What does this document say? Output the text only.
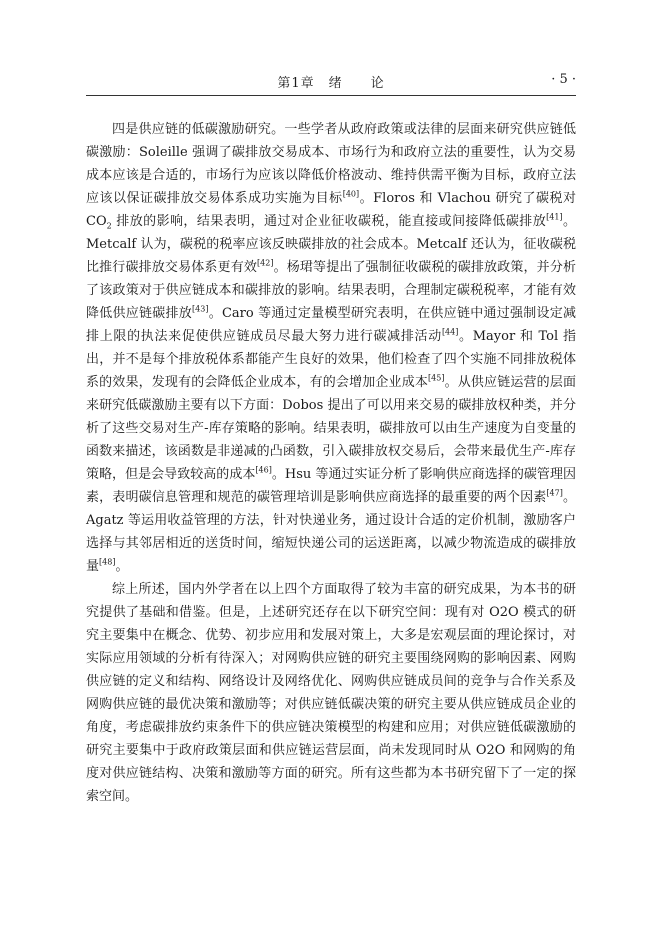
第1章　绪　　论	· 5 ·

四是供应链的低碳激励研究。一些学者从政府政策或法律的层面来研究供应链低碳激励：Soleille 强调了碳排放交易成本、市场行为和政府立法的重要性，认为交易成本应该是合适的，市场行为应该以降低价格波动、维持供需平衡为目标，政府立法应该以保证碳排放交易体系成功实施为目标[40]。Floros 和 Vlachou 研究了碳税对 $CO_2$ 排放的影响，结果表明，通过对企业征收碳税，能直接或间接降低碳排放[41]。Metcalf 认为，碳税的税率应该反映碳排放的社会成本。Metcalf 还认为，征收碳税比推行碳排放交易体系更有效[42]。杨珺等提出了强制征收碳税的碳排放政策，并分析了该政策对于供应链成本和碳排放的影响。结果表明，合理制定碳税税率，才能有效降低供应链碳排放[43]。Caro 等通过定量模型研究表明，在供应链中通过强制设定减排上限的执法来促使供应链成员尽最大努力进行碳减排活动[44]。Mayor 和 Tol 指出，并不是每个排放税体系都能产生良好的效果，他们检查了四个实施不同排放税体系的效果，发现有的会降低企业成本，有的会增加企业成本[45]。从供应链运营的层面来研究低碳激励主要有以下方面：Dobos 提出了可以用来交易的碳排放权种类，并分析了这些交易对生产-库存策略的影响。结果表明，碳排放可以由生产速度为自变量的函数来描述，该函数是非递减的凸函数，引入碳排放权交易后，会带来最优生产-库存策略，但是会导致较高的成本[46]。Hsu 等通过实证分析了影响供应商选择的碳管理因素，表明碳信息管理和规范的碳管理培训是影响供应商选择的最重要的两个因素[47]。Agatz 等运用收益管理的方法，针对快递业务，通过设计合适的定价机制，激励客户选择与其邻居相近的送货时间，缩短快递公司的运送距离，以减少物流造成的碳排放量[48]。

综上所述，国内外学者在以上四个方面取得了较为丰富的研究成果，为本书的研究提供了基础和借鉴。但是，上述研究还存在以下研究空间：现有对 O2O 模式的研究主要集中在概念、优势、初步应用和发展对策上，大多是宏观层面的理论探讨，对实际应用领域的分析有待深入；对网购供应链的研究主要围绕网购的影响因素、网购供应链的定义和结构、网络设计及网络优化、网购供应链成员间的竞争与合作关系及网购供应链的最优决策和激励等；对供应链低碳决策的研究主要从供应链成员企业的角度，考虑碳排放约束条件下的供应链决策模型的构建和应用；对供应链低碳激励的研究主要集中于政府政策层面和供应链运营层面，尚未发现同时从 O2O 和网购的角度对供应链结构、决策和激励等方面的研究。所有这些都为本书研究留下了一定的探索空间。
